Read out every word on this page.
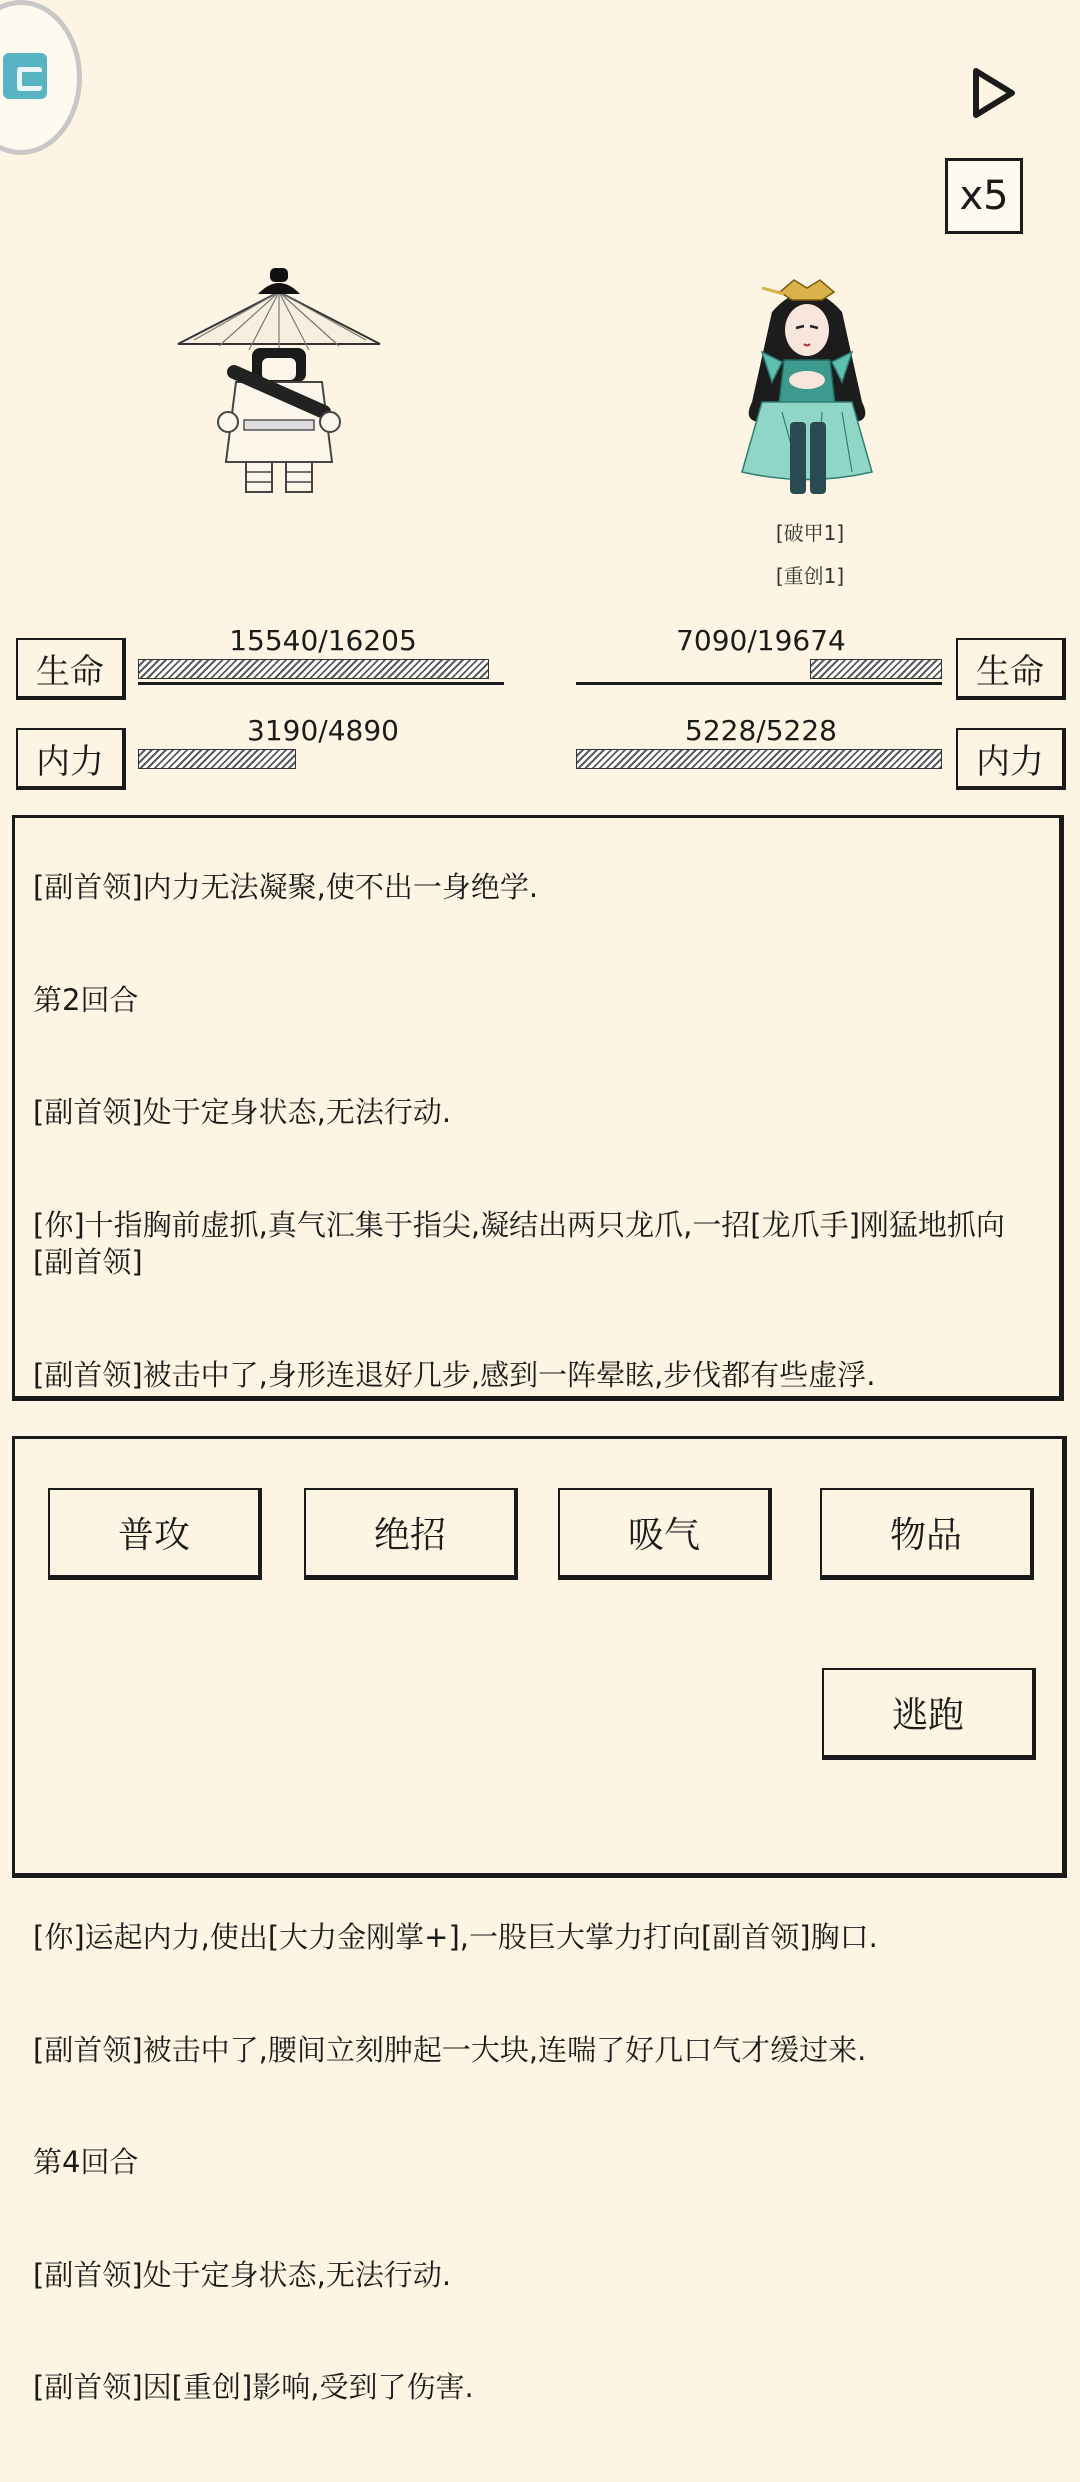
x5
[破甲1]
[重创1]
生命
15540/16205
内力
3190/4890
生命
7090/19674
内力
5228/5228

[副首领]内力无法凝聚,使不出一身绝学.

第2回合

[副首领]处于定身状态,无法行动.

[你]十指胸前虚抓,真气汇集于指尖,凝结出两只龙爪,一招[龙爪手]刚猛地抓向[副首领]

[副首领]被击中了,身形连退好几步,感到一阵晕眩,步伐都有些虚浮.

[你]运起内力,使出[大力金刚掌+],一股巨大掌力打向[副首领]胸口.

[副首领]被击中了,腰间立刻肿起一大块,连喘了好几口气才缓过来.

第4回合

[副首领]处于定身状态,无法行动.

[副首领]因[重创]影响,受到了伤害.

普攻	绝招	吸气	物品
逃跑
